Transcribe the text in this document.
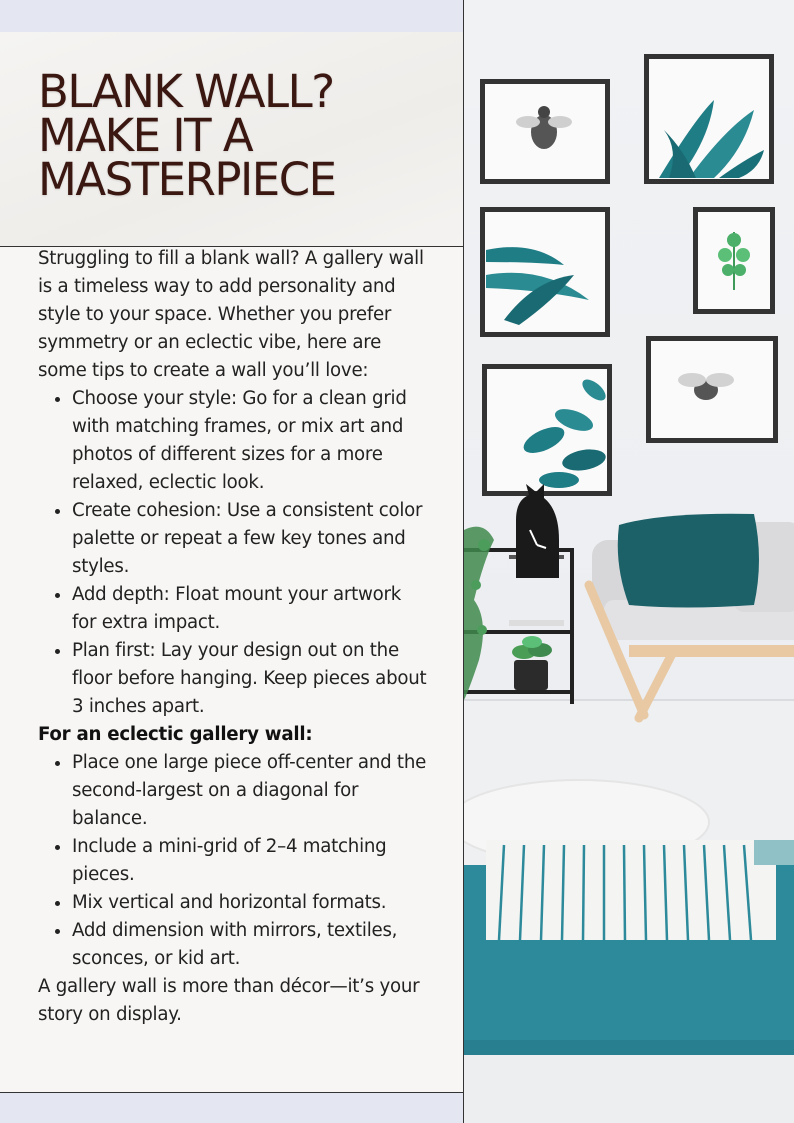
BLANK WALL?
MAKE IT A
MASTERPIECE

Struggling to fill a blank wall? A gallery wall is a timeless way to add personality and style to your space. Whether you prefer symmetry or an eclectic vibe, here are some tips to create a wall you’ll love:

• Choose your style: Go for a clean grid with matching frames, or mix art and photos of different sizes for a more relaxed, eclectic look.
• Create cohesion: Use a consistent color palette or repeat a few key tones and styles.
• Add depth: Float mount your artwork for extra impact.
• Plan first: Lay your design out on the floor before hanging. Keep pieces about 3 inches apart.

For an eclectic gallery wall:

• Place one large piece off-center and the second-largest on a diagonal for balance.
• Include a mini-grid of 2–4 matching pieces.
• Mix vertical and horizontal formats.
• Add dimension with mirrors, textiles, sconces, or kid art.

A gallery wall is more than décor—it’s your story on display.
